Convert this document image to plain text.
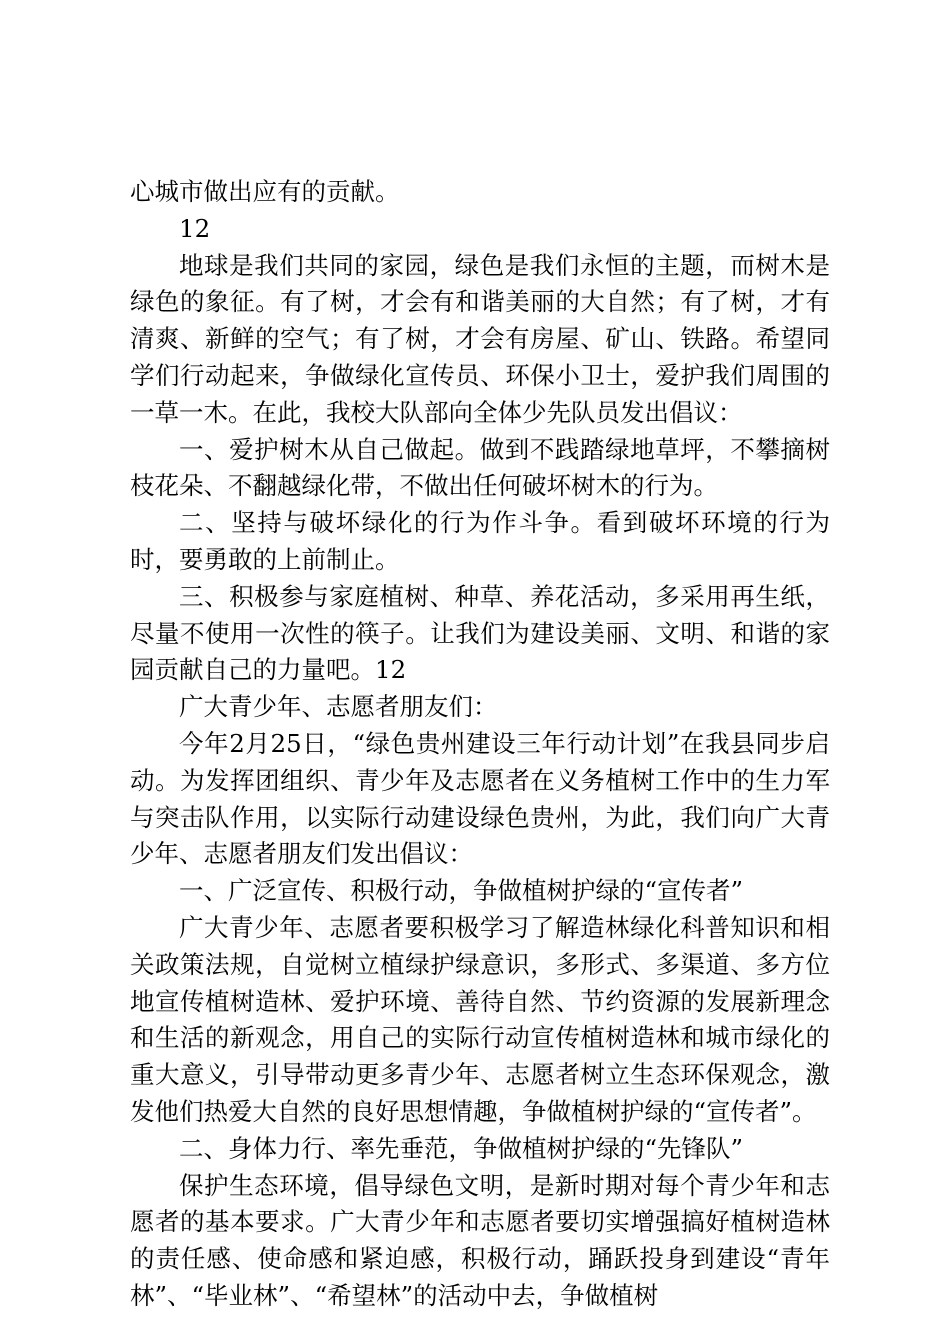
心城市做出应有的贡献。

12

地球是我们共同的家园，绿色是我们永恒的主题，而树木是绿色的象征。有了树，才会有和谐美丽的大自然；有了树，才有清爽、新鲜的空气；有了树，才会有房屋、矿山、铁路。希望同学们行动起来，争做绿化宣传员、环保小卫士，爱护我们周围的一草一木。在此，我校大队部向全体少先队员发出倡议：

一、爱护树木从自己做起。做到不践踏绿地草坪，不攀摘树枝花朵、不翻越绿化带，不做出任何破坏树木的行为。

二、坚持与破坏绿化的行为作斗争。看到破坏环境的行为时，要勇敢的上前制止。

三、积极参与家庭植树、种草、养花活动，多采用再生纸，尽量不使用一次性的筷子。让我们为建设美丽、文明、和谐的家园贡献自己的力量吧。12

广大青少年、志愿者朋友们：

今年2月25日，“绿色贵州建设三年行动计划”在我县同步启动。为发挥团组织、青少年及志愿者在义务植树工作中的生力军与突击队作用，以实际行动建设绿色贵州，为此，我们向广大青少年、志愿者朋友们发出倡议：

一、广泛宣传、积极行动，争做植树护绿的“宣传者”

广大青少年、志愿者要积极学习了解造林绿化科普知识和相关政策法规，自觉树立植绿护绿意识，多形式、多渠道、多方位地宣传植树造林、爱护环境、善待自然、节约资源的发展新理念和生活的新观念，用自己的实际行动宣传植树造林和城市绿化的重大意义，引导带动更多青少年、志愿者树立生态环保观念，激发他们热爱大自然的良好思想情趣，争做植树护绿的“宣传者”。

二、身体力行、率先垂范，争做植树护绿的“先锋队”

保护生态环境，倡导绿色文明，是新时期对每个青少年和志愿者的基本要求。广大青少年和志愿者要切实增强搞好植树造林的责任感、使命感和紧迫感，积极行动，踊跃投身到建设“青年林”、“毕业林”、“希望林”的活动中去，争做植树
